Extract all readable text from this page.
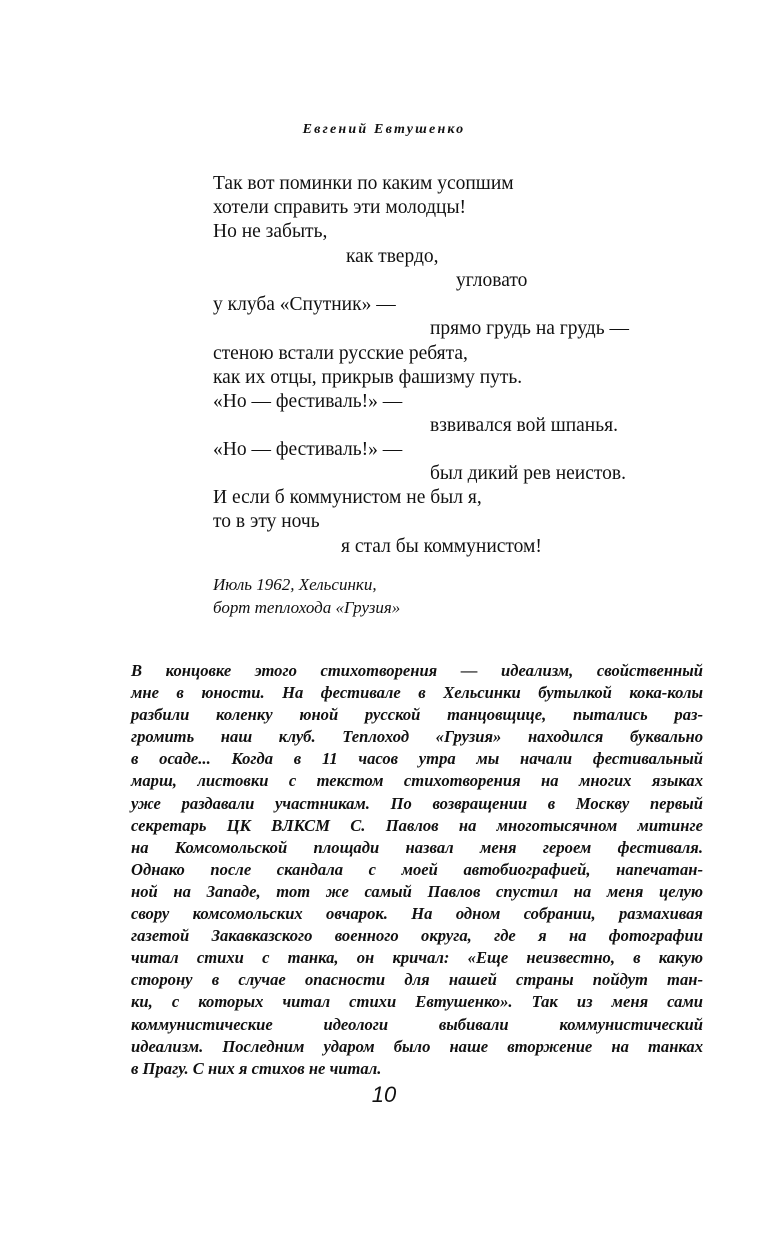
Евгений Евтушенко
Так вот поминки по каким усопшим
хотели справить эти молодцы!
Но не забыть,
как твердо,
угловато
у клуба «Спутник» —
прямо грудь на грудь —
стеною встали русские ребята,
как их отцы, прикрыв фашизму путь.
«Но — фестиваль!» —
взвивался вой шпанья.
«Но — фестиваль!» —
был дикий рев неистов.
И если б коммунистом не был я,
то в эту ночь
я стал бы коммунистом!
Июль 1962, Хельсинки,
борт теплохода «Грузия»
В концовке этого стихотворения — идеализм, свойственный
мне в юности. На фестивале в Хельсинки бутылкой кока-колы
разбили коленку юной русской танцовщице, пытались раз-
громить наш клуб. Теплоход «Грузия» находился буквально
в осаде... Когда в 11 часов утра мы начали фестивальный
марш, листовки с текстом стихотворения на многих языках
уже раздавали участникам. По возвращении в Москву первый
секретарь ЦК ВЛКСМ С. Павлов на многотысячном митинге
на Комсомольской площади назвал меня героем фестиваля.
Однако после скандала с моей автобиографией, напечатан-
ной на Западе, тот же самый Павлов спустил на меня целую
свору комсомольских овчарок. На одном собрании, размахивая
газетой Закавказского военного округа, где я на фотографии
читал стихи с танка, он кричал: «Еще неизвестно, в какую
сторону в случае опасности для нашей страны пойдут тан-
ки, с которых читал стихи Евтушенко». Так из меня сами
коммунистические идеологи выбивали коммунистический
идеализм. Последним ударом было наше вторжение на танках
в Прагу. С них я стихов не читал.
10
